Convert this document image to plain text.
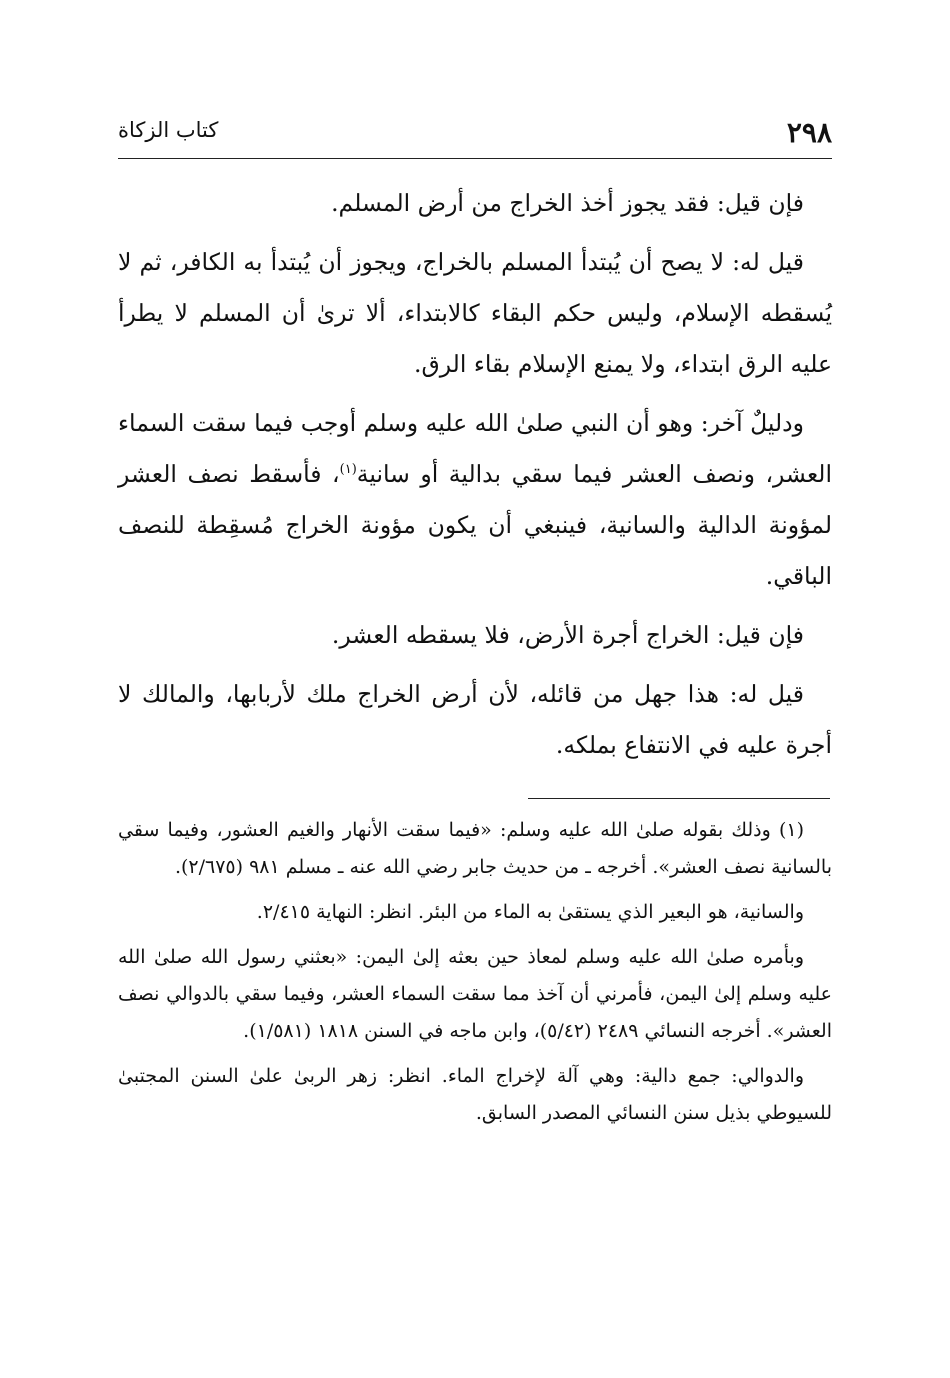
٢٩٨
كتاب الزكاة

فإن قيل: فقد يجوز أخذ الخراج من أرض المسلم.

قيل له: لا يصح أن يُبتدأ المسلم بالخراج، ويجوز أن يُبتدأ به الكافر، ثم لا يُسقطه الإسلام، وليس حكم البقاء كالابتداء، ألا ترىٰ أن المسلم لا يطرأ عليه الرق ابتداء، ولا يمنع الإسلام بقاء الرق.

ودليلٌ آخر: وهو أن النبي صلىٰ الله عليه وسلم أوجب فيما سقت السماء العشر، ونصف العشر فيما سقي بدالية أو سانية$^{(١)}$، فأسقط نصف العشر لمؤونة الدالية والسانية، فينبغي أن يكون مؤونة الخراج مُسقِطة للنصف الباقي.

فإن قيل: الخراج أجرة الأرض، فلا يسقطه العشر.

قيل له: هذا جهل من قائله، لأن أرض الخراج ملك لأربابها، والمالك لا أجرة عليه في الانتفاع بملكه.

(١) وذلك بقوله صلىٰ الله عليه وسلم: «فيما سقت الأنهار والغيم العشور، وفيما سقي بالسانية نصف العشر». أخرجه ـ من حديث جابر رضي الله عنه ـ مسلم ٩٨١ (٢/٦٧٥).

والسانية، هو البعير الذي يستقىٰ به الماء من البئر. انظر: النهاية ٢/٤١٥.

وبأمره صلىٰ الله عليه وسلم لمعاذ حين بعثه إلىٰ اليمن: «بعثني رسول الله صلىٰ الله عليه وسلم إلىٰ اليمن، فأمرني أن آخذ مما سقت السماء العشر، وفيما سقي بالدوالي نصف العشر». أخرجه النسائي ٢٤٨٩ (٥/٤٢)، وابن ماجه في السنن ١٨١٨ (١/٥٨١).

والدوالي: جمع دالية: وهي آلة لإخراج الماء. انظر: زهر الربىٰ علىٰ السنن المجتبىٰ للسيوطي بذيل سنن النسائي المصدر السابق.
